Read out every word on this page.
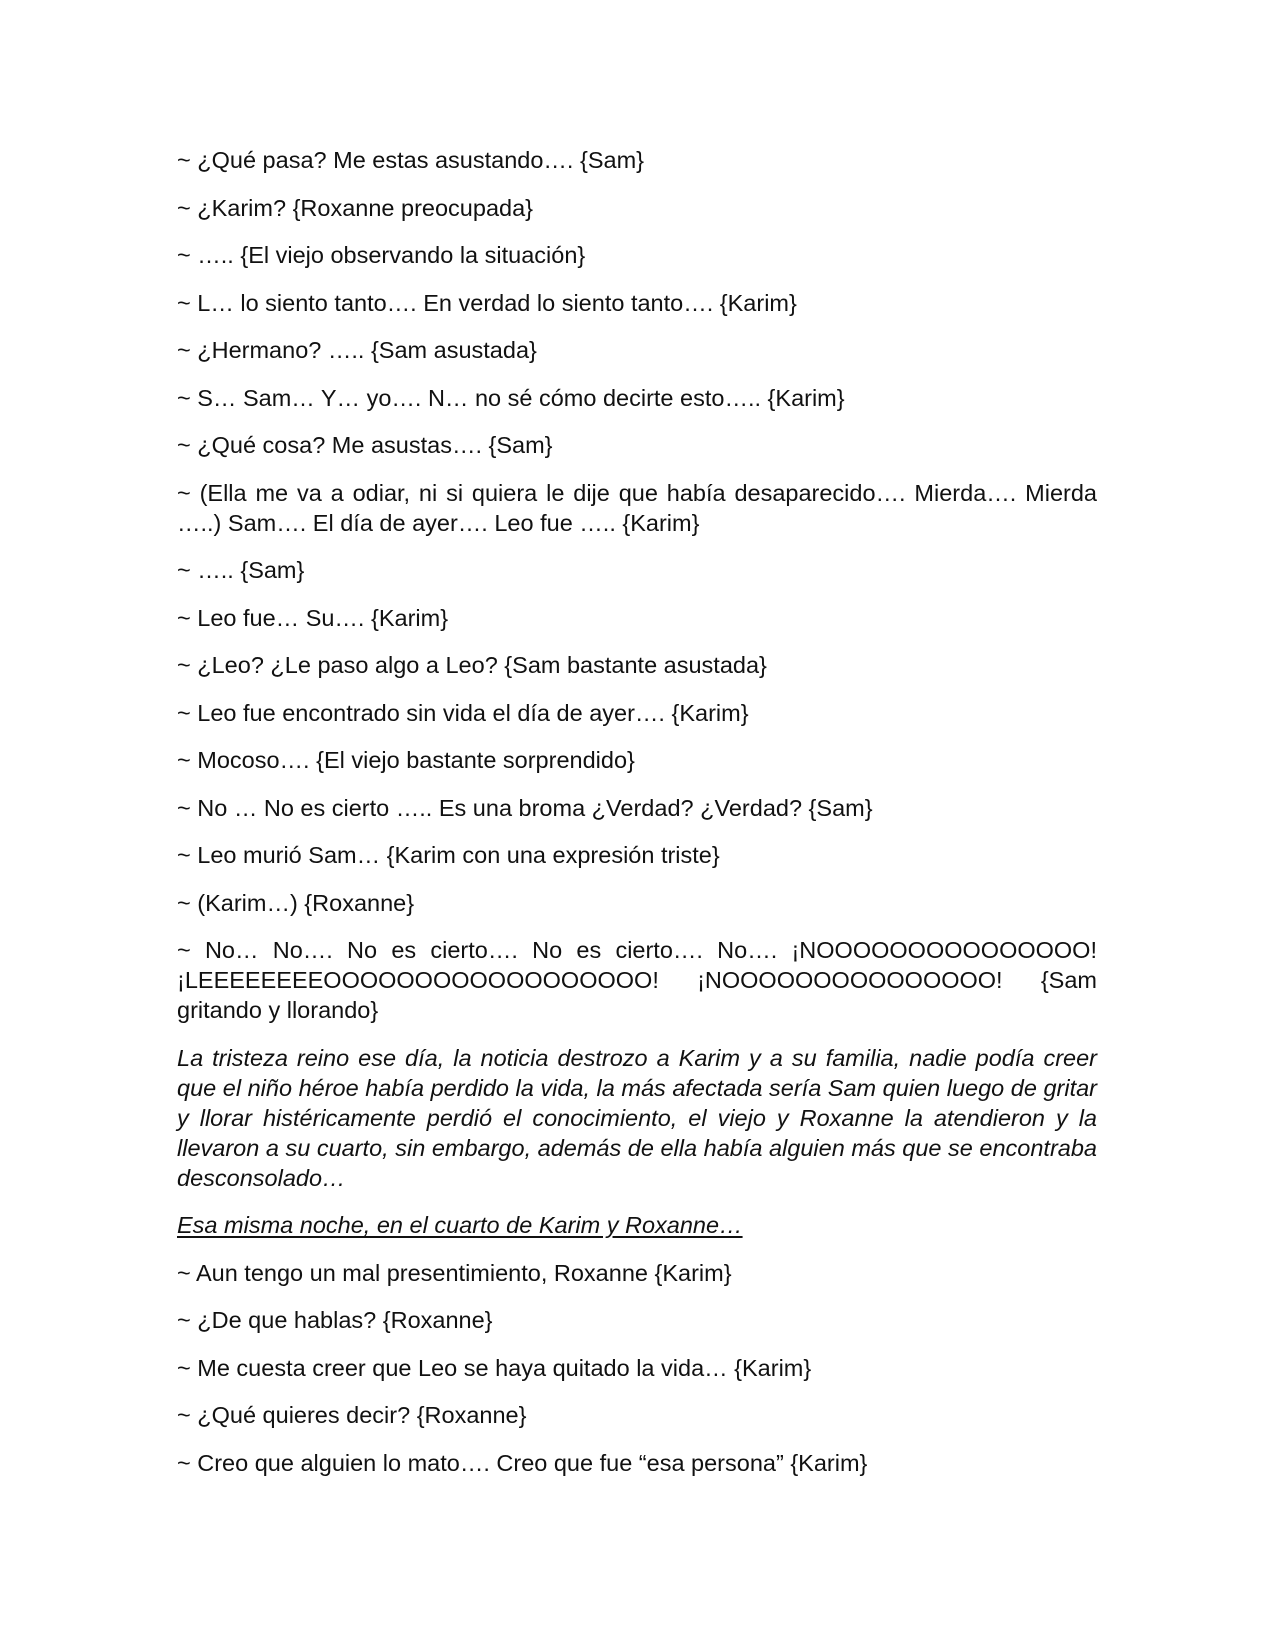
~ ¿Qué pasa? Me estas asustando…. {Sam}

~ ¿Karim? {Roxanne preocupada}

~ ….. {El viejo observando la situación}

~ L… lo siento tanto…. En verdad lo siento tanto…. {Karim}

~ ¿Hermano? ….. {Sam asustada}

~ S… Sam… Y… yo…. N… no sé cómo decirte esto….. {Karim}

~ ¿Qué cosa? Me asustas…. {Sam}

~ (Ella me va a odiar, ni si quiera le dije que había desaparecido…. Mierda…. Mierda …..) Sam…. El día de ayer…. Leo fue ….. {Karim}

~ ….. {Sam}

~ Leo fue… Su…. {Karim}

~ ¿Leo? ¿Le paso algo a Leo? {Sam bastante asustada}

~ Leo fue encontrado sin vida el día de ayer…. {Karim}

~ Mocoso…. {El viejo bastante sorprendido}

~ No … No es cierto ….. Es una broma ¿Verdad? ¿Verdad? {Sam}

~ Leo murió Sam… {Karim con una expresión triste}

~ (Karim…) {Roxanne}

~ No… No…. No es cierto…. No es cierto…. No…. ¡NOOOOOOOOOOOOOOO! ¡LEEEEEEEEOOOOOOOOOOOOOOOOOO! ¡NOOOOOOOOOOOOOOO! {Sam gritando y llorando}

La tristeza reino ese día, la noticia destrozo a Karim y a su familia, nadie podía creer que el niño héroe había perdido la vida, la más afectada sería Sam quien luego de gritar y llorar histéricamente perdió el conocimiento, el viejo y Roxanne la atendieron y la llevaron a su cuarto, sin embargo, además de ella había alguien más que se encontraba desconsolado…

Esa misma noche, en el cuarto de Karim y Roxanne…

~ Aun tengo un mal presentimiento, Roxanne {Karim}

~ ¿De que hablas? {Roxanne}

~ Me cuesta creer que Leo se haya quitado la vida… {Karim}

~ ¿Qué quieres decir? {Roxanne}

~ Creo que alguien lo mato…. Creo que fue “esa persona” {Karim}
